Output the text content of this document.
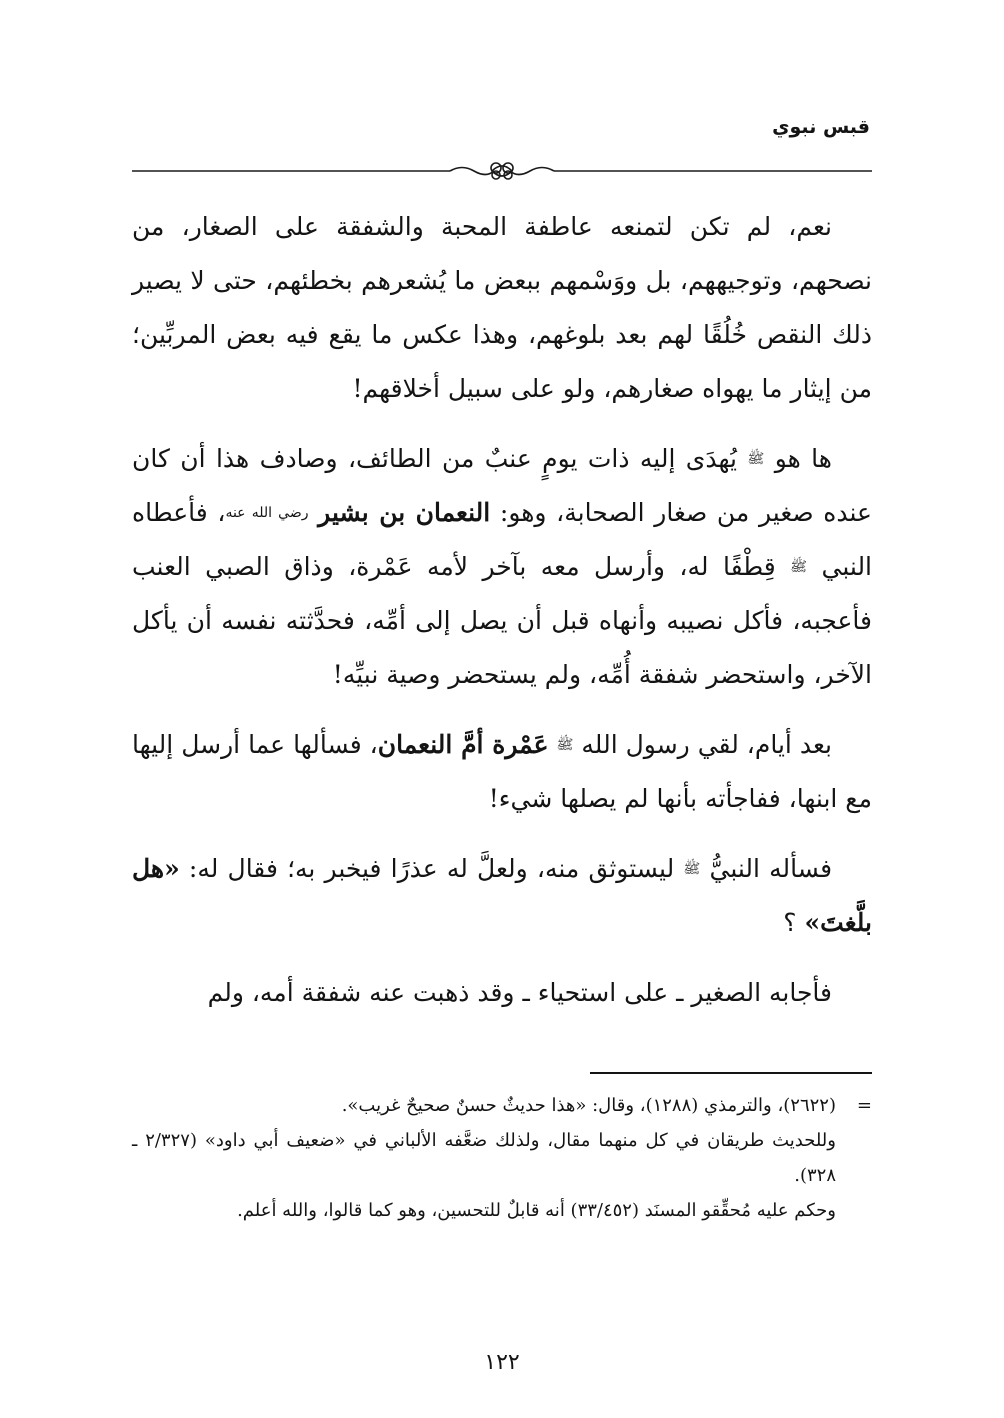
قبس نبوي

نعم، لم تكن لتمنعه عاطفة المحبة والشفقة على الصغار، من نصحهم، وتوجيههم، بل ووَسْمهم ببعض ما يُشعرهم بخطئهم، حتى لا يصير ذلك النقص خُلُقًا لهم بعد بلوغهم، وهذا عكس ما يقع فيه بعض المربِّين؛ من إيثار ما يهواه صغارهم، ولو على سبيل أخلاقهم!

ها هو ﷺ يُهدَى إليه ذات يومٍ عنبٌ من الطائف، وصادف هذا أن كان عنده صغير من صغار الصحابة، وهو: النعمان بن بشير رضي الله عنه، فأعطاه النبي ﷺ قِطْفًا له، وأرسل معه بآخر لأمه عَمْرة، وذاق الصبي العنب فأعجبه، فأكل نصيبه وأنهاه قبل أن يصل إلى أمِّه، فحدَّثته نفسه أن يأكل الآخر، واستحضر شفقة أُمِّه، ولم يستحضر وصية نبيِّه!

بعد أيام، لقي رسول الله ﷺ عَمْرة أمَّ النعمان، فسألها عما أرسل إليها مع ابنها، ففاجأته بأنها لم يصلها شيء!

فسأله النبيُّ ﷺ ليستوثق منه، ولعلَّ له عذرًا فيخبر به؛ فقال له: «هل بلَّغتَ» ؟

فأجابه الصغير ـ على استحياء ـ وقد ذهبت عنه شفقة أمه، ولم

=(٢٦٢٢)، والترمذي (١٢٨٨)، وقال: «هذا حديثٌ حسنٌ صحيحٌ غريب».

وللحديث طريقان في كل منهما مقال، ولذلك ضعَّفه الألباني في «ضعيف أبي داود» (٢/٣٢٧ ـ ٣٢٨).

وحكم عليه مُحقِّقو المسنَد (٣٣/٤٥٢) أنه قابلٌ للتحسين، وهو كما قالوا، والله أعلم.

١٢٢
